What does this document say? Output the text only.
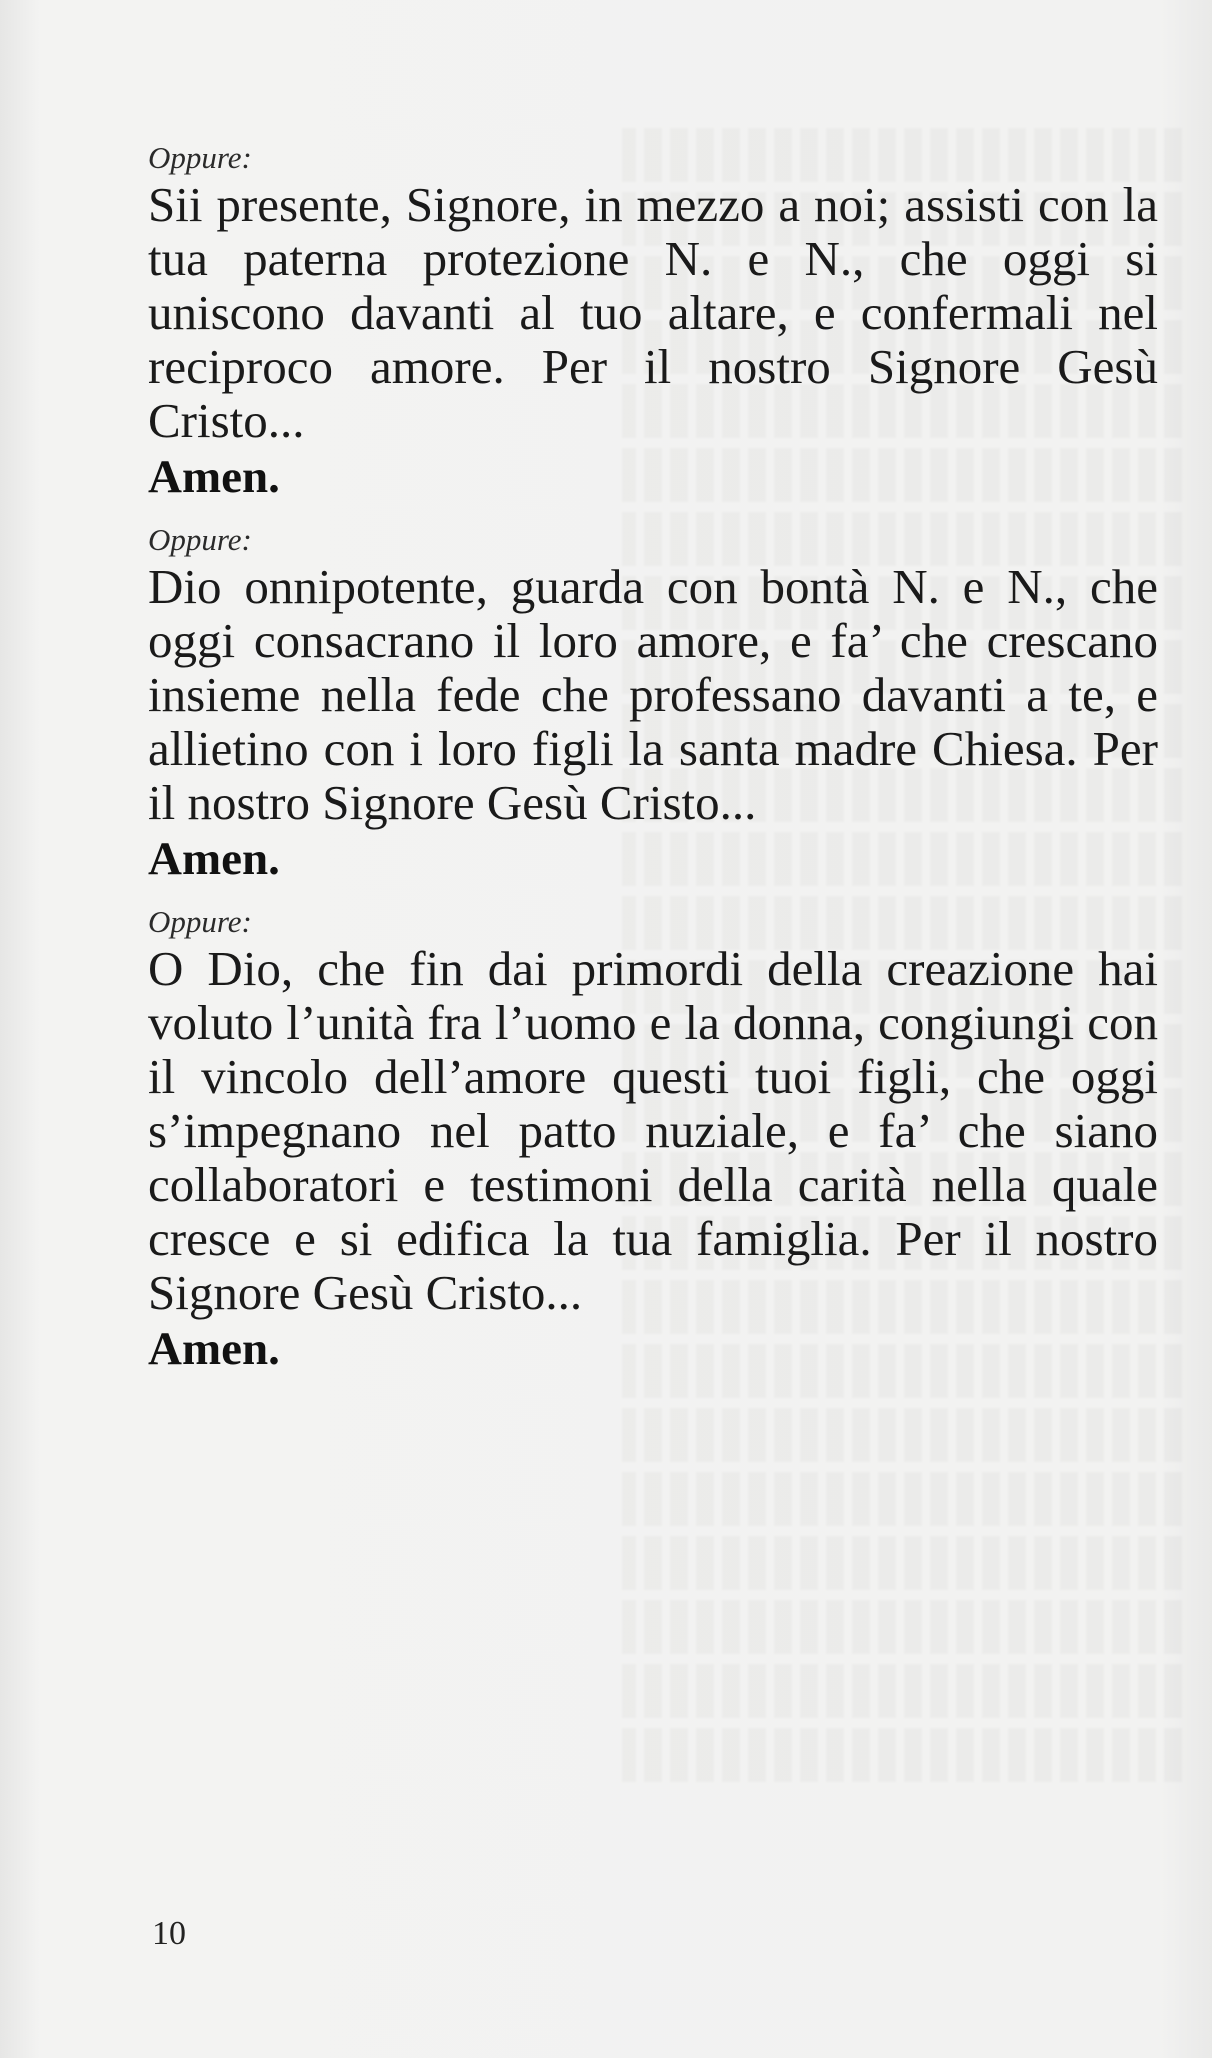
Oppure:

Sii presente, Signore, in mezzo a noi; assisti con la tua paterna protezione N. e N., che oggi si uniscono davanti al tuo altare, e confermali nel reciproco amore. Per il nostro Signore Gesù Cristo...

Amen.

Oppure:

Dio onnipotente, guarda con bontà N. e N., che oggi consacrano il loro amore, e fa’ che crescano insieme nella fede che professano davanti a te, e allietino con i loro figli la santa madre Chiesa. Per il nostro Signore Gesù Cristo...

Amen.

Oppure:

O Dio, che fin dai primordi della creazione hai voluto l’unità fra l’uomo e la donna, congiungi con il vincolo dell’amore questi tuoi figli, che oggi s’impegnano nel patto nuziale, e fa’ che siano collaboratori e testimoni della carità nella quale cresce e si edifica la tua famiglia. Per il nostro Signore Gesù Cristo...

Amen.

10
